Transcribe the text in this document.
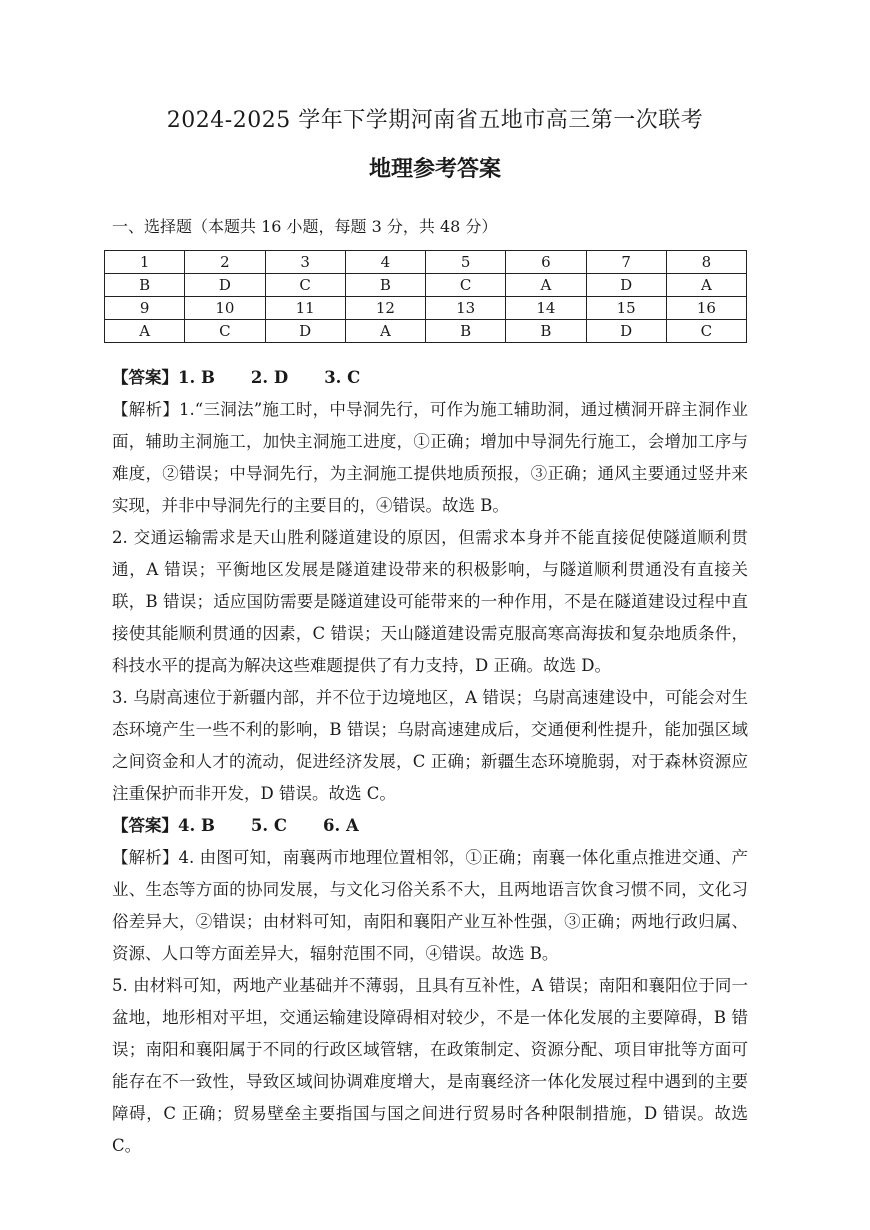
2024-2025 学年下学期河南省五地市高三第一次联考
地理参考答案
一、选择题（本题共 16 小题，每题 3 分，共 48 分）
1	2	3	4	5	6	7	8
B	D	C	B	C	A	D	A
9	10	11	12	13	14	15	16
A	C	D	A	B	B	D	C

【答案】1. B 2. D 3. C

【解析】1.“三洞法”施工时，中导洞先行，可作为施工辅助洞，通过横洞开辟主洞作业面，辅助主洞施工，加快主洞施工进度，①正确；增加中导洞先行施工，会增加工序与难度，②错误；中导洞先行，为主洞施工提供地质预报，③正确；通风主要通过竖井来实现，并非中导洞先行的主要目的，④错误。故选 B。

2. 交通运输需求是天山胜利隧道建设的原因，但需求本身并不能直接促使隧道顺利贯通，A 错误；平衡地区发展是隧道建设带来的积极影响，与隧道顺利贯通没有直接关联，B 错误；适应国防需要是隧道建设可能带来的一种作用，不是在隧道建设过程中直接使其能顺利贯通的因素，C 错误；天山隧道建设需克服高寒高海拔和复杂地质条件，科技水平的提高为解决这些难题提供了有力支持，D 正确。故选 D。

3. 乌尉高速位于新疆内部，并不位于边境地区，A 错误；乌尉高速建设中，可能会对生态环境产生一些不利的影响，B 错误；乌尉高速建成后，交通便利性提升，能加强区域之间资金和人才的流动，促进经济发展，C 正确；新疆生态环境脆弱，对于森林资源应注重保护而非开发，D 错误。故选 C。

【答案】4. B 5. C 6. A

【解析】4. 由图可知，南襄两市地理位置相邻，①正确；南襄一体化重点推进交通、产业、生态等方面的协同发展，与文化习俗关系不大，且两地语言饮食习惯不同，文化习俗差异大，②错误；由材料可知，南阳和襄阳产业互补性强，③正确；两地行政归属、资源、人口等方面差异大，辐射范围不同，④错误。故选 B。

5. 由材料可知，两地产业基础并不薄弱，且具有互补性，A 错误；南阳和襄阳位于同一盆地，地形相对平坦，交通运输建设障碍相对较少，不是一体化发展的主要障碍，B 错误；南阳和襄阳属于不同的行政区域管辖，在政策制定、资源分配、项目审批等方面可能存在不一致性，导致区域间协调难度增大，是南襄经济一体化发展过程中遇到的主要障碍，C 正确；贸易壁垒主要指国与国之间进行贸易时各种限制措施，D 错误。故选 C。
